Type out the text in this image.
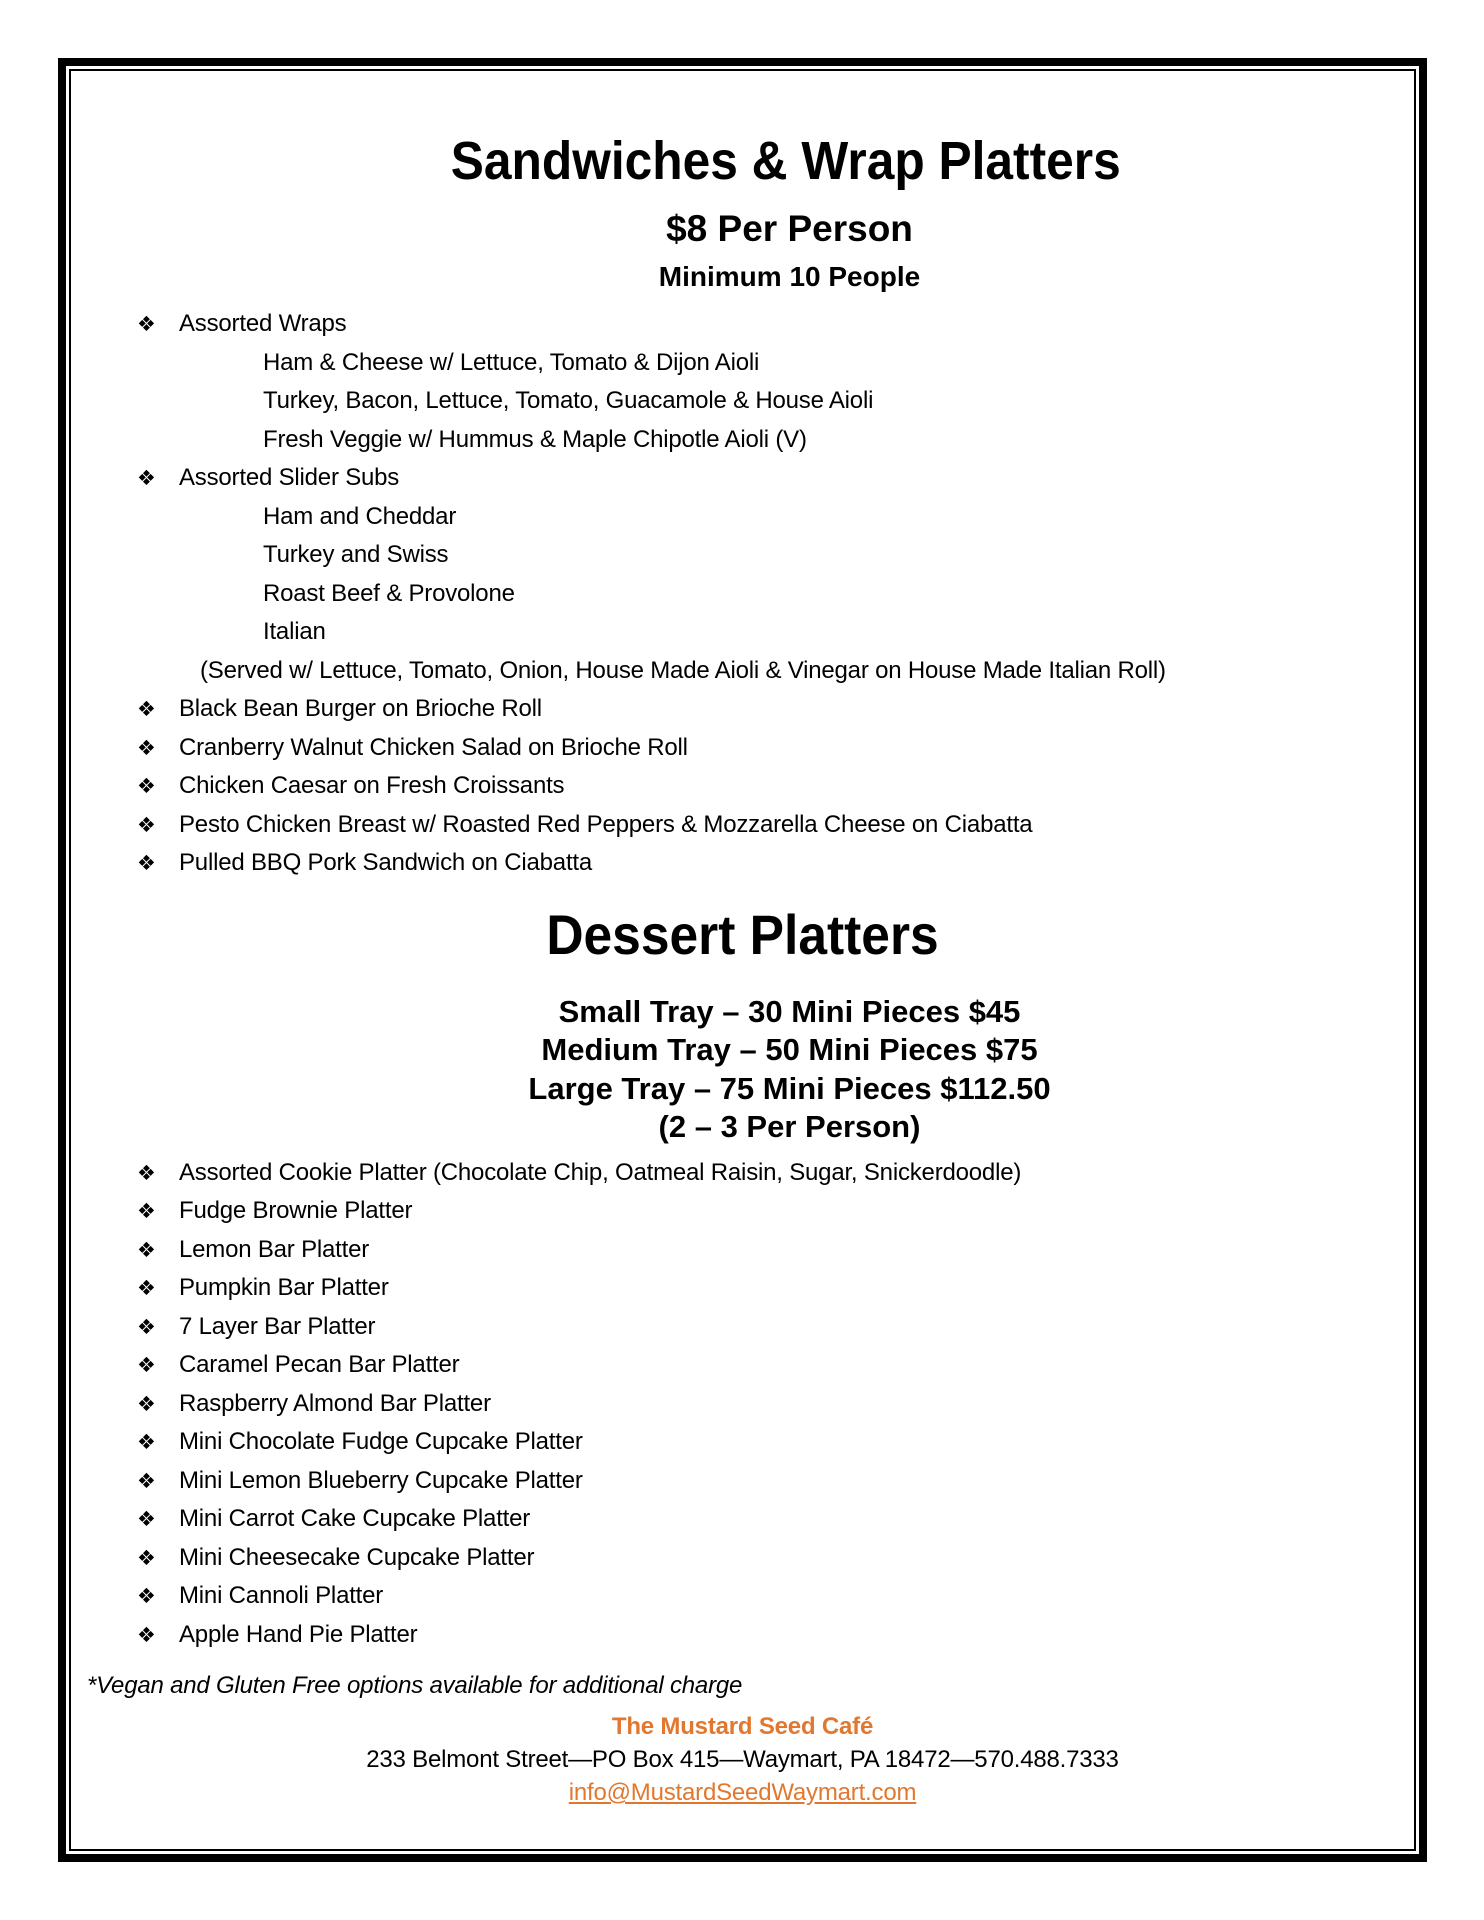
Sandwiches & Wrap Platters
$8 Per Person
Minimum 10 People
❖ Assorted Wraps
Ham & Cheese w/ Lettuce, Tomato & Dijon Aioli
Turkey, Bacon, Lettuce, Tomato, Guacamole & House Aioli
Fresh Veggie w/ Hummus & Maple Chipotle Aioli (V)
❖ Assorted Slider Subs
Ham and Cheddar
Turkey and Swiss
Roast Beef & Provolone
Italian
(Served w/ Lettuce, Tomato, Onion, House Made Aioli & Vinegar on House Made Italian Roll)
❖ Black Bean Burger on Brioche Roll
❖ Cranberry Walnut Chicken Salad on Brioche Roll
❖ Chicken Caesar on Fresh Croissants
❖ Pesto Chicken Breast w/ Roasted Red Peppers & Mozzarella Cheese on Ciabatta
❖ Pulled BBQ Pork Sandwich on Ciabatta
Dessert Platters
Small Tray – 30 Mini Pieces $45
Medium Tray – 50 Mini Pieces $75
Large Tray – 75 Mini Pieces $112.50
(2 – 3 Per Person)
❖ Assorted Cookie Platter (Chocolate Chip, Oatmeal Raisin, Sugar, Snickerdoodle)
❖ Fudge Brownie Platter
❖ Lemon Bar Platter
❖ Pumpkin Bar Platter
❖ 7 Layer Bar Platter
❖ Caramel Pecan Bar Platter
❖ Raspberry Almond Bar Platter
❖ Mini Chocolate Fudge Cupcake Platter
❖ Mini Lemon Blueberry Cupcake Platter
❖ Mini Carrot Cake Cupcake Platter
❖ Mini Cheesecake Cupcake Platter
❖ Mini Cannoli Platter
❖ Apple Hand Pie Platter
*Vegan and Gluten Free options available for additional charge
The Mustard Seed Café
233 Belmont Street—PO Box 415—Waymart, PA 18472—570.488.7333
info@MustardSeedWaymart.com
